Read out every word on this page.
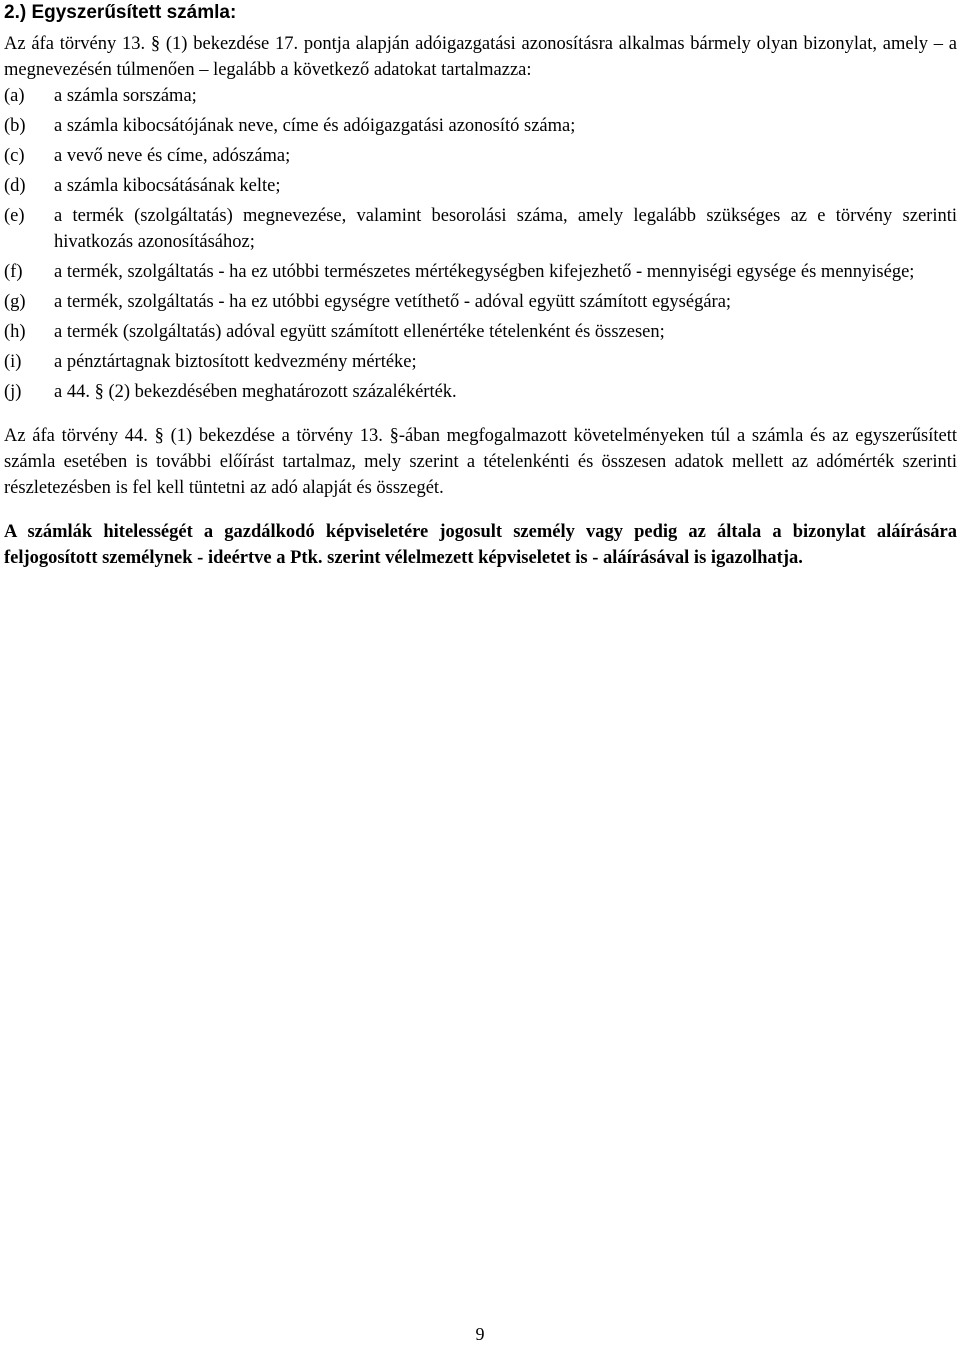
2.) Egyszerűsített számla:

Az áfa törvény 13. § (1) bekezdése 17. pontja alapján adóigazgatási azonosításra alkalmas bármely olyan bizonylat, amely – a megnevezésén túlmenően – legalább a következő adatokat tartalmazza:

(a)	a számla sorszáma;
(b)	a számla kibocsátójának neve, címe és adóigazgatási azonosító száma;
(c)	a vevő neve és címe, adószáma;
(d)	a számla kibocsátásának kelte;
(e)	a termék (szolgáltatás) megnevezése, valamint besorolási száma, amely legalább szükséges az e törvény szerinti hivatkozás azonosításához;
(f)	a termék, szolgáltatás - ha ez utóbbi természetes mértékegységben kifejezhető - mennyiségi egysége és mennyisége;
(g)	a termék, szolgáltatás - ha ez utóbbi egységre vetíthető - adóval együtt számított egységára;
(h)	a termék (szolgáltatás) adóval együtt számított ellenértéke tételenként és összesen;
(i)	a pénztártagnak biztosított kedvezmény mértéke;
(j)	a 44. § (2) bekezdésében meghatározott százalékérték.

Az áfa törvény 44. § (1) bekezdése a törvény 13. §-ában megfogalmazott követelményeken túl a számla és az egyszerűsített számla esetében is további előírást tartalmaz, mely szerint a tételenkénti és összesen adatok mellett az adómérték szerinti részletezésben is fel kell tüntetni az adó alapját és összegét.

A számlák hitelességét a gazdálkodó képviseletére jogosult személy vagy pedig az általa a bizonylat aláírására feljogosított személynek - ideértve a Ptk. szerint vélelmezett képviseletet is - aláírásával is igazolhatja.

9
